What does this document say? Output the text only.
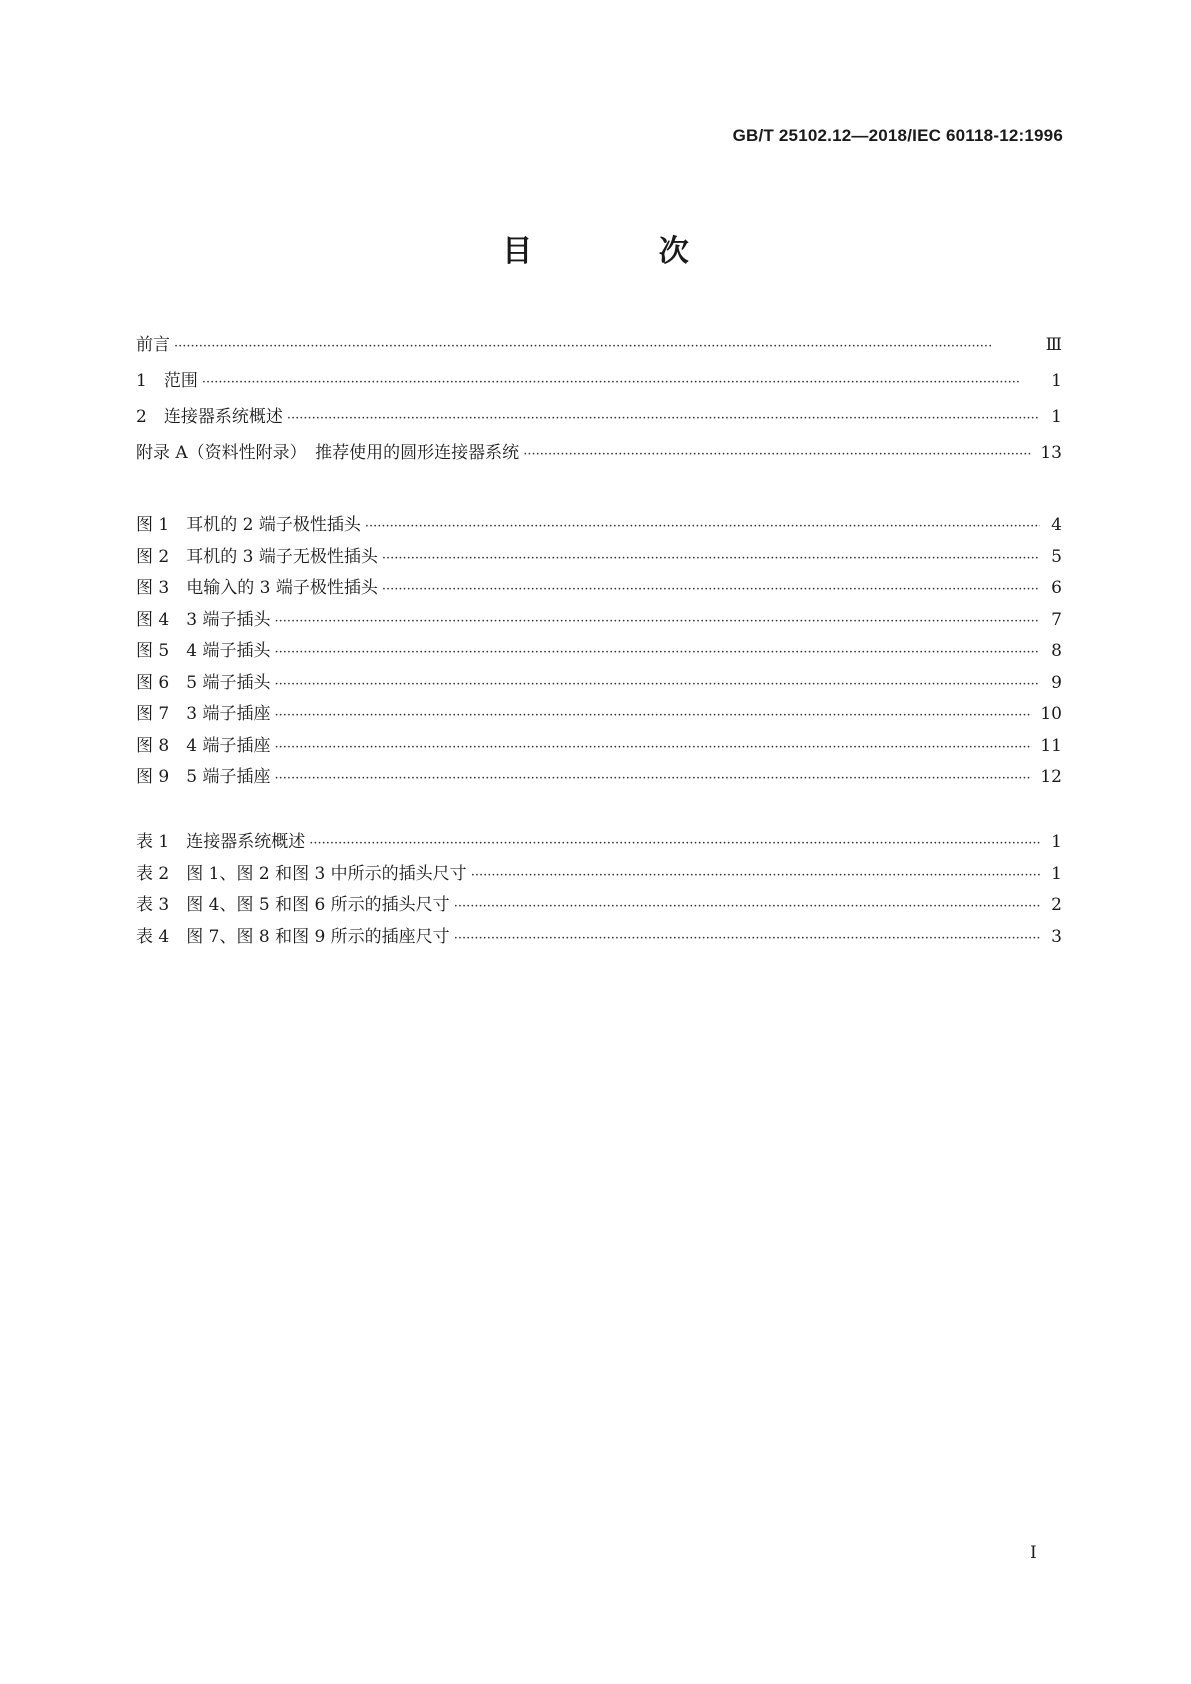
GB/T 25102.12—2018/IEC 60118-12:1996
目 次
前言 ·····	Ⅲ
1　范围 ·····	1
2　连接器系统概述 ·····	1
附录 A（资料性附录）　推荐使用的圆形连接器系统 ·····	13
图 1　耳机的 2 端子极性插头 ·····	4
图 2　耳机的 3 端子无极性插头 ·····	5
图 3　电输入的 3 端子极性插头 ·····	6
图 4　3 端子插头 ·····	7
图 5　4 端子插头 ·····	8
图 6　5 端子插头 ·····	9
图 7　3 端子插座 ·····	10
图 8　4 端子插座 ·····	11
图 9　5 端子插座 ·····	12
表 1　连接器系统概述 ·····	1
表 2　图 1、图 2 和图 3 中所示的插头尺寸 ·····	1
表 3　图 4、图 5 和图 6 所示的插头尺寸 ·····	2
表 4　图 7、图 8 和图 9 所示的插座尺寸 ·····	3
I
